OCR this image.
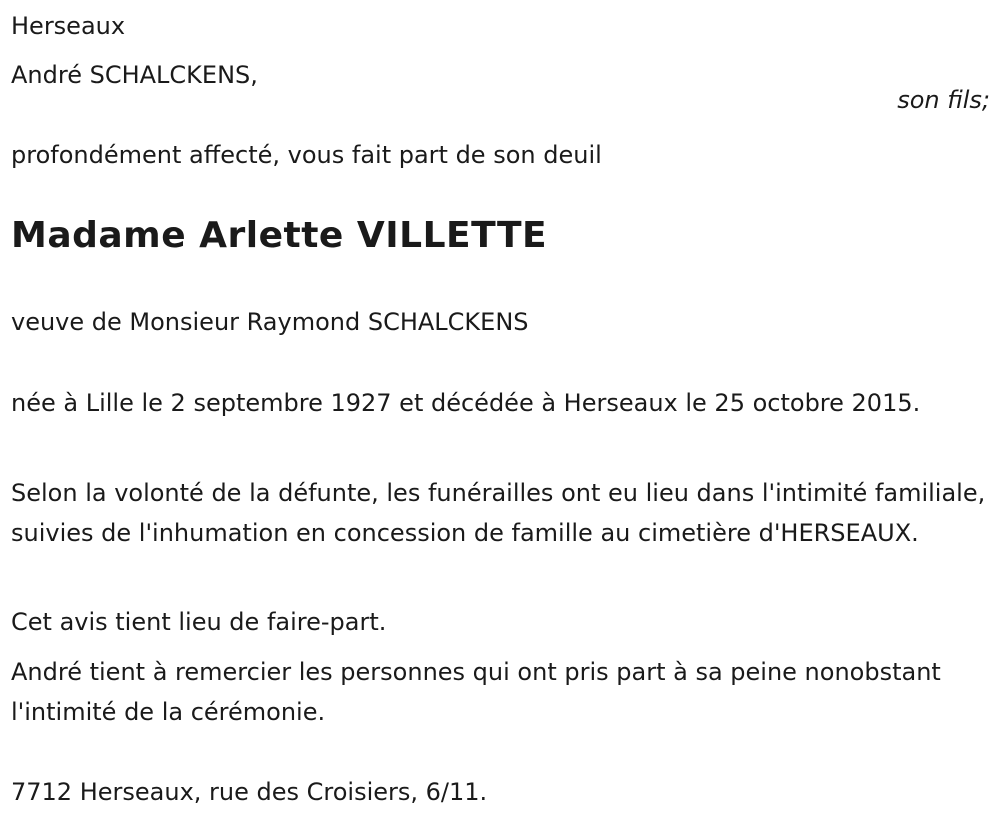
Herseaux

André SCHALCKENS,

son fils;

profondément affecté, vous fait part de son deuil

Madame Arlette VILLETTE

veuve de Monsieur Raymond SCHALCKENS

née à Lille le 2 septembre 1927 et décédée à Herseaux le 25 octobre 2015.

Selon la volonté de la défunte, les funérailles ont eu lieu dans l'intimité familiale, suivies de l'inhumation en concession de famille au cimetière d'HERSEAUX.

Cet avis tient lieu de faire-part.

André tient à remercier les personnes qui ont pris part à sa peine nonobstant l'intimité de la cérémonie.

7712 Herseaux, rue des Croisiers, 6/11.
